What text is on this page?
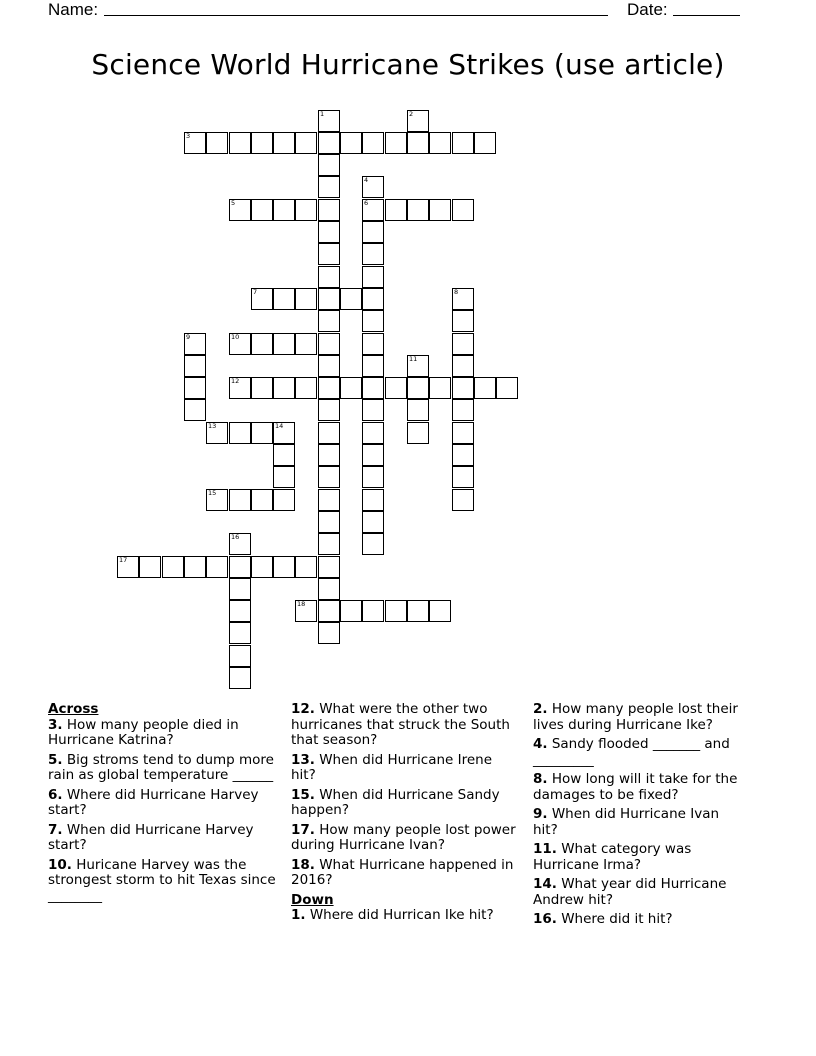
Name:	Date:
Science World Hurricane Strikes (use article)
1	2
3
4
6
5
7	8
9	10
11
12
13	14
15
16
17
18
Across
3. How many people died in Hurricane Katrina?
5. Big stroms tend to dump more rain as global temperature ______
6. Where did Hurricane Harvey start?
7. When did Hurricane Harvey start?
10. Huricane Harvey was the strongest storm to hit Texas since ________
12. What were the other two hurricanes that struck the South that season?
13. When did Hurricane Irene hit?
15. When did Hurricane Sandy happen?
17. How many people lost power during Hurricane Ivan?
18. What Hurricane happened in 2016?
Down
1. Where did Hurrican Ike hit?
2. How many people lost their lives during Hurricane Ike?
4. Sandy flooded _______ and _________
8. How long will it take for the damages to be fixed?
9. When did Hurricane Ivan hit?
11. What category was Hurricane Irma?
14. What year did Hurricane Andrew hit?
16. Where did it hit?
